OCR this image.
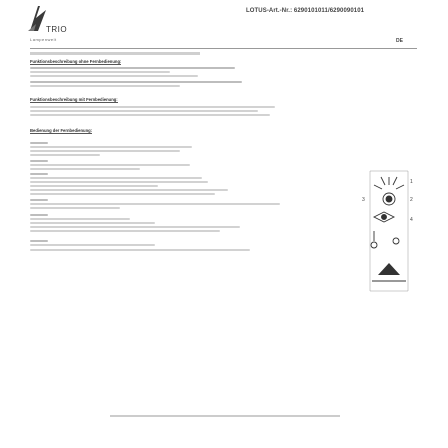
LOTUS-Art.-Nr.: 6290101011/6290090101
TRIO
Lampenwelt	DE
Funktionsbeschreibung ohne Fernbedienung:
Funktionsbeschreibung mit Fernbedienung:
Bedienung der Fernbedienung:
1
2
3
4
